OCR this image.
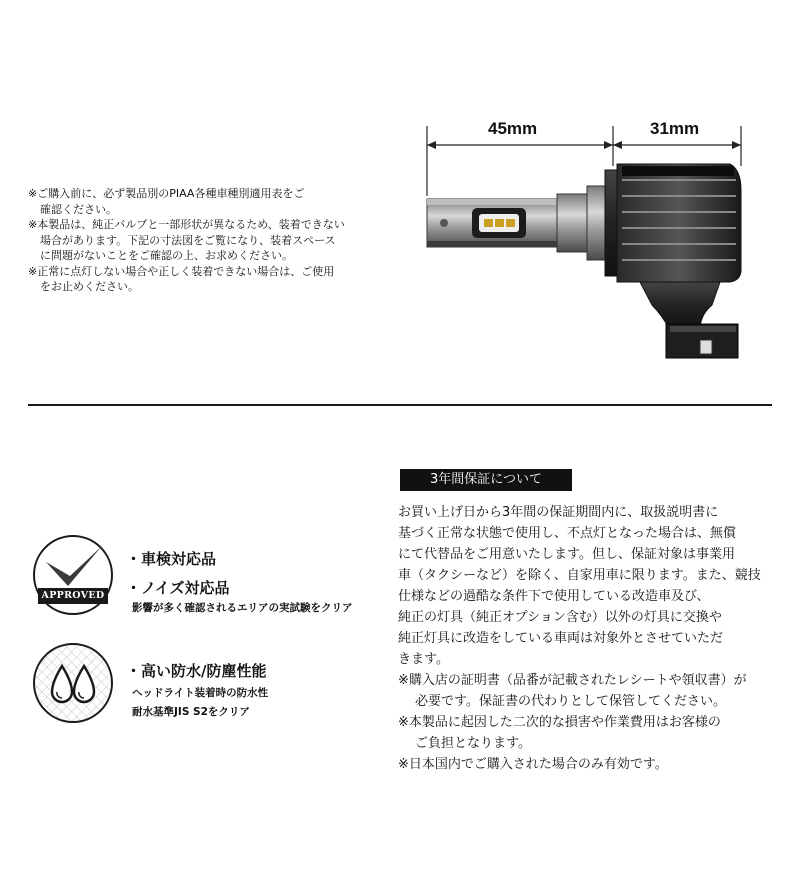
※ご購入前に、必ず製品別のPIAA各種車種別適用表をご
確認ください。
※本製品は、純正バルブと一部形状が異なるため、装着できない
場合があります。下記の寸法図をご覧になり、装着スペース
に問題がないことをご確認の上、お求めください。
※正常に点灯しない場合や正しく装着できない場合は、ご使用
をお止めください。
45mm	31mm
APPROVED
・車検対応品
・ノイズ対応品
影響が多く確認されるエリアの実試験をクリア
・高い防水/防塵性能
ヘッドライト装着時の防水性
耐水基準JIS S2をクリア
3年間保証について
お買い上げ日から3年間の保証期間内に、取扱説明書に
基づく正常な状態で使用し、不点灯となった場合は、無償
にて代替品をご用意いたします。但し、保証対象は事業用
車（タクシーなど）を除く、自家用車に限ります。また、競技
仕様などの過酷な条件下で使用している改造車及び、
純正の灯具（純正オプション含む）以外の灯具に交換や
純正灯具に改造をしている車両は対象外とさせていただ
きます。
※購入店の証明書（品番が記載されたレシートや領収書）が
必要です。保証書の代わりとして保管してください。
※本製品に起因した二次的な損害や作業費用はお客様の
ご負担となります。
※日本国内でご購入された場合のみ有効です。
